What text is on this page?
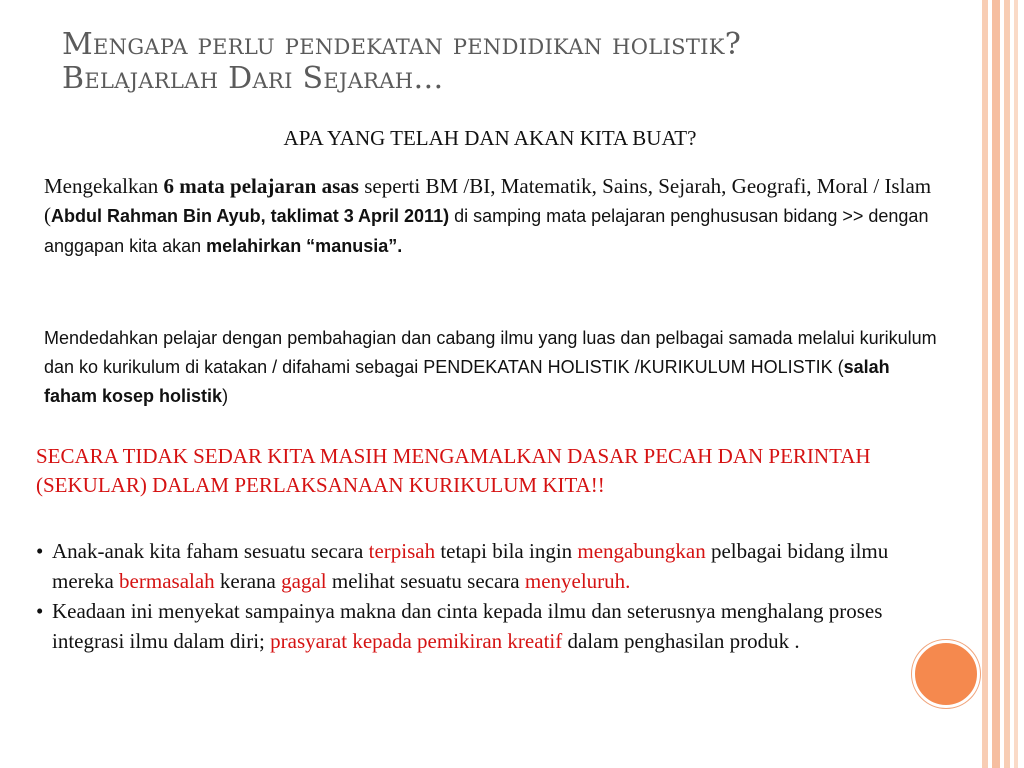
Mengapa perlu pendekatan pendidikan holistik?
Belajarlah Dari Sejarah…
APA YANG TELAH DAN AKAN KITA BUAT?
Mengekalkan 6 mata pelajaran asas seperti BM /BI, Matematik, Sains, Sejarah, Geografi, Moral / Islam (Abdul Rahman Bin Ayub, taklimat 3 April 2011) di samping mata pelajaran penghususan bidang >> dengan anggapan kita akan melahirkan “manusia”.
Mendedahkan pelajar dengan pembahagian dan cabang ilmu yang luas dan pelbagai samada melalui kurikulum dan ko kurikulum di katakan / difahami sebagai PENDEKATAN HOLISTIK /KURIKULUM HOLISTIK (salah faham kosep holistik)
SECARA TIDAK SEDAR KITA MASIH MENGAMALKAN DASAR PECAH DAN PERINTAH (SEKULAR) DALAM PERLAKSANAAN KURIKULUM KITA!!
• Anak-anak kita faham sesuatu secara terpisah tetapi bila ingin mengabungkan pelbagai bidang ilmu mereka bermasalah kerana gagal melihat sesuatu secara menyeluruh.
• Keadaan ini menyekat sampainya makna dan cinta kepada ilmu dan seterusnya menghalang proses integrasi ilmu dalam diri; prasyarat kepada pemikiran kreatif dalam penghasilan produk .
